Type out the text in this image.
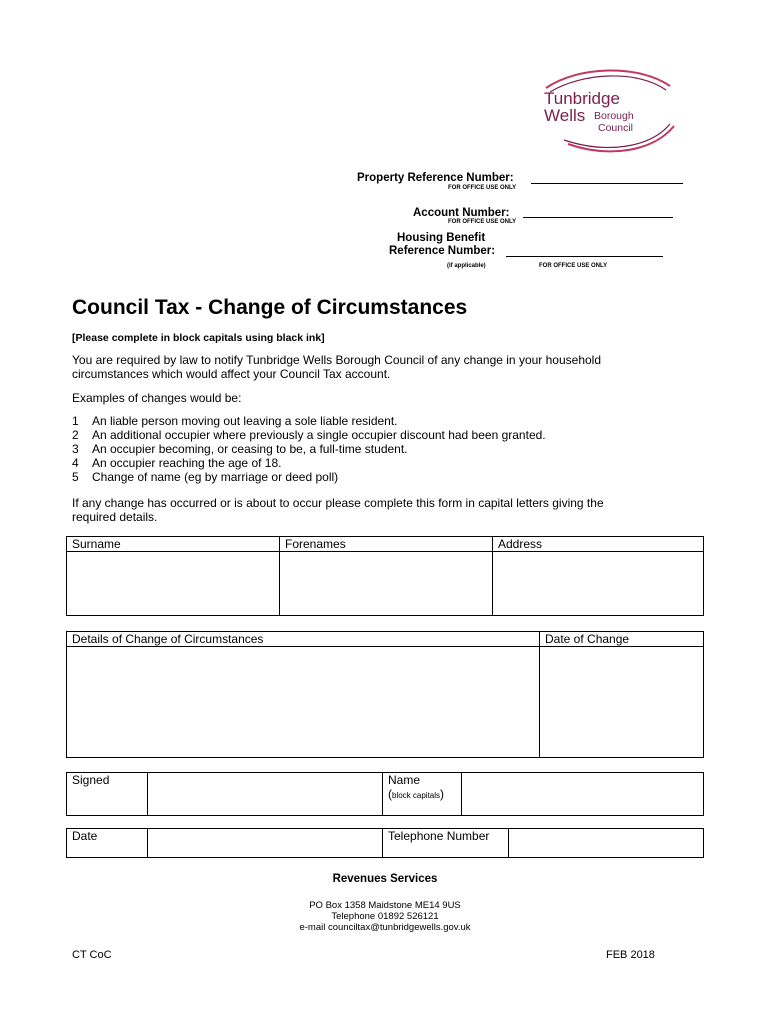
Tunbridge
Wells Borough
Council
Property Reference Number:
FOR OFFICE USE ONLY
Account Number:
FOR OFFICE USE ONLY
Housing Benefit
Reference Number:
(if applicable)	FOR OFFICE USE ONLY
Council Tax - Change of Circumstances
[Please complete in block capitals using black ink]
You are required by law to notify Tunbridge Wells Borough Council of any change in your household
circumstances which would affect your Council Tax account.
Examples of changes would be:
1 An liable person moving out leaving a sole liable resident.
2 An additional occupier where previously a single occupier discount had been granted.
3 An occupier becoming, or ceasing to be, a full-time student.
4 An occupier reaching the age of 18.
5 Change of name (eg by marriage or deed poll)
If any change has occurred or is about to occur please complete this form in capital letters giving the
required details.
Surname	Forenames	Address

Details of Change of Circumstances	Date of Change

Signed		Name
(block capitals)

Date		Telephone Number	
Revenues Services
PO Box 1358 Maidstone ME14 9US
Telephone 01892 526121
e-mail counciltax@tunbridgewells.gov.uk
CT CoC	FEB 2018
